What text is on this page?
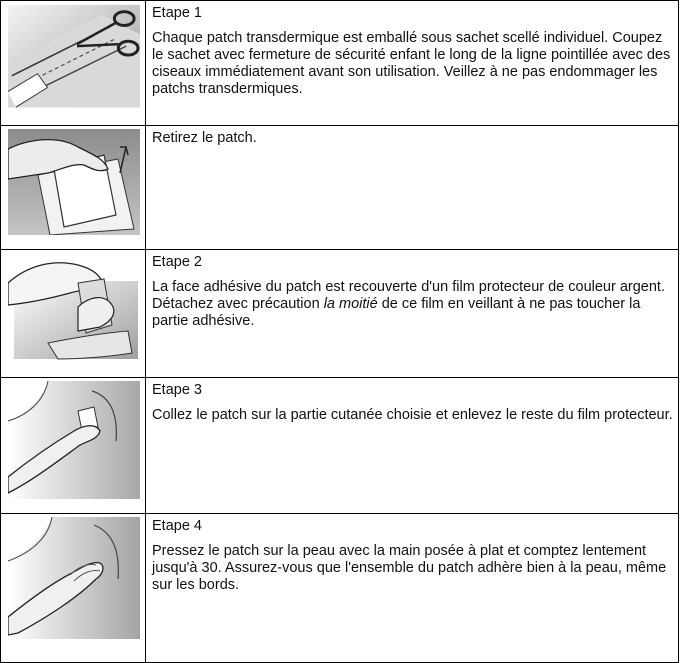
Etape 1

Chaque patch transdermique est emballé sous sachet scellé individuel. Coupez le sachet avec fermeture de sécurité enfant le long de la ligne pointillée avec des ciseaux immédiatement avant son utilisation. Veillez à ne pas endommager les patchs transdermiques.

Retirez le patch.

Etape 2

La face adhésive du patch est recouverte d'un film protecteur de couleur argent. Détachez avec précaution la moitié de ce film en veillant à ne pas toucher la partie adhésive.

Etape 3

Collez le patch sur la partie cutanée choisie et enlevez le reste du film protecteur.

Etape 4

Pressez le patch sur la peau avec la main posée à plat et comptez lentement jusqu'à 30. Assurez-vous que l'ensemble du patch adhère bien à la peau, même sur les bords.
